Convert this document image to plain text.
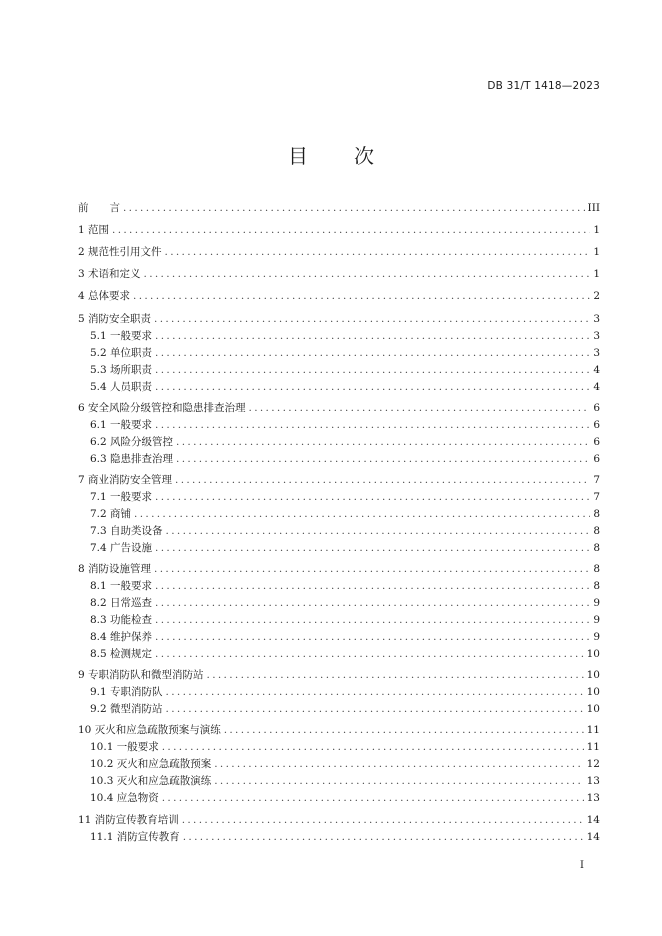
DB 31/T 1418—2023
目 次
前　　言 . . .	III
1 范围 . . .	1
2 规范性引用文件 . . .	1
3 术语和定义 . . .	1
4 总体要求 . . .	2
5 消防安全职责 . . .	3
5.1 一般要求 . . .	3
5.2 单位职责 . . .	3
5.3 场所职责 . . .	4
5.4 人员职责 . . .	4
6 安全风险分级管控和隐患排查治理 . . .	6
6.1 一般要求 . . .	6
6.2 风险分级管控 . . .	6
6.3 隐患排查治理 . . .	6
7 商业消防安全管理 . . .	7
7.1 一般要求 . . .	7
7.2 商铺 . . .	8
7.3 自助类设备 . . .	8
7.4 广告设施 . . .	8
8 消防设施管理 . . .	8
8.1 一般要求 . . .	8
8.2 日常巡查 . . .	9
8.3 功能检查 . . .	9
8.4 维护保养 . . .	9
8.5 检测规定 . . .	10
9 专职消防队和微型消防站 . . .	10
9.1 专职消防队 . . .	10
9.2 微型消防站 . . .	10
10 灭火和应急疏散预案与演练 . . .	11
10.1 一般要求 . . .	11
10.2 灭火和应急疏散预案 . . .	12
10.3 灭火和应急疏散演练 . . .	13
10.4 应急物资 . . .	13
11 消防宣传教育培训 . . .	14
11.1 消防宣传教育 . . .	14
I
